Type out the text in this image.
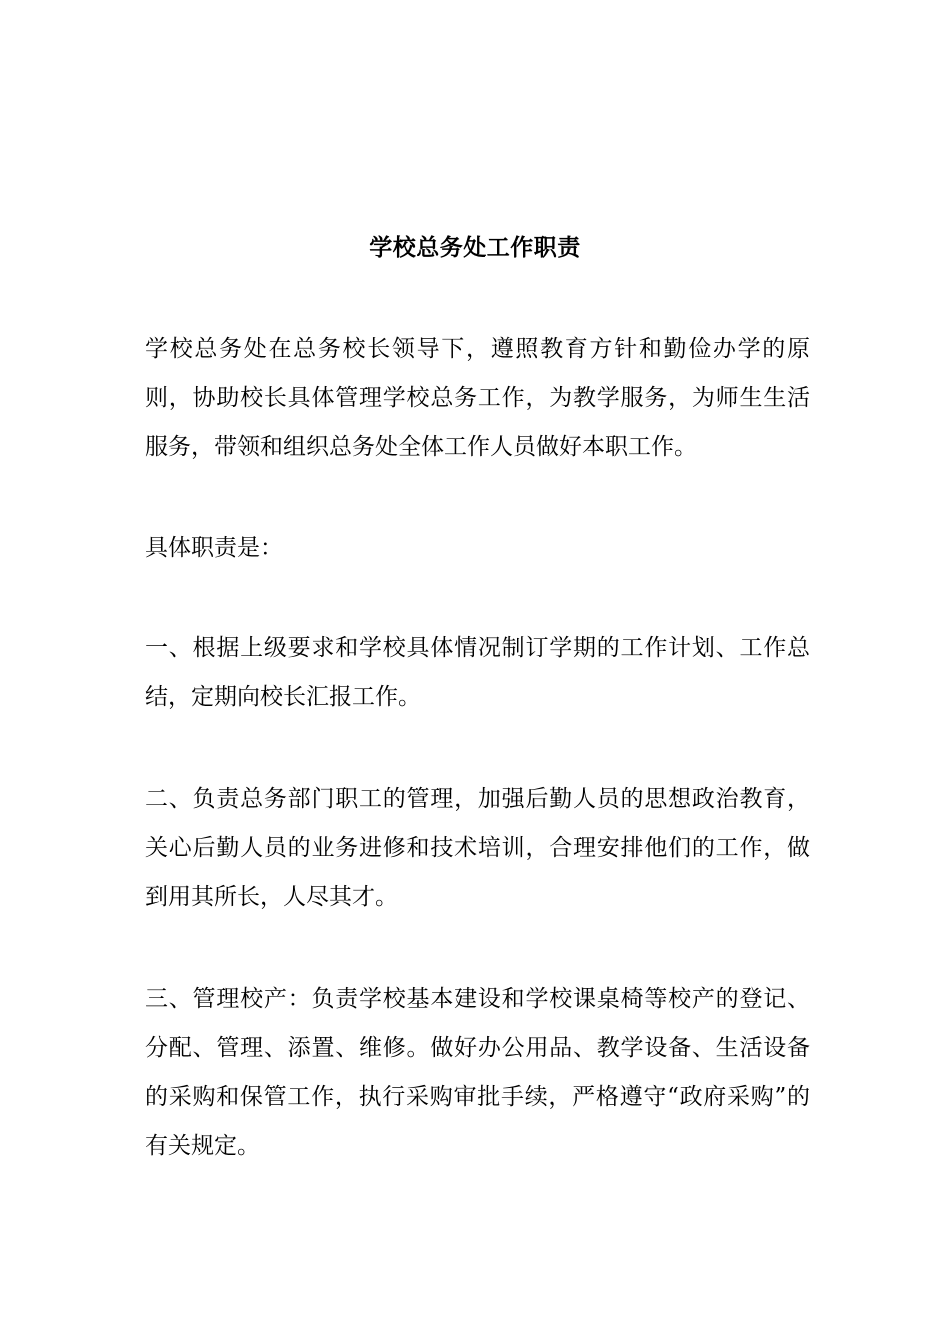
学校总务处工作职责

学校总务处在总务校长领导下，遵照教育方针和勤俭办学的原则，协助校长具体管理学校总务工作，为教学服务，为师生生活服务，带领和组织总务处全体工作人员做好本职工作。

具体职责是：

一、根据上级要求和学校具体情况制订学期的工作计划、工作总结，定期向校长汇报工作。

二、负责总务部门职工的管理，加强后勤人员的思想政治教育，关心后勤人员的业务进修和技术培训，合理安排他们的工作，做到用其所长，人尽其才。

三、管理校产：负责学校基本建设和学校课桌椅等校产的登记、分配、管理、添置、维修。做好办公用品、教学设备、生活设备的采购和保管工作，执行采购审批手续，严格遵守“政府采购”的有关规定。
